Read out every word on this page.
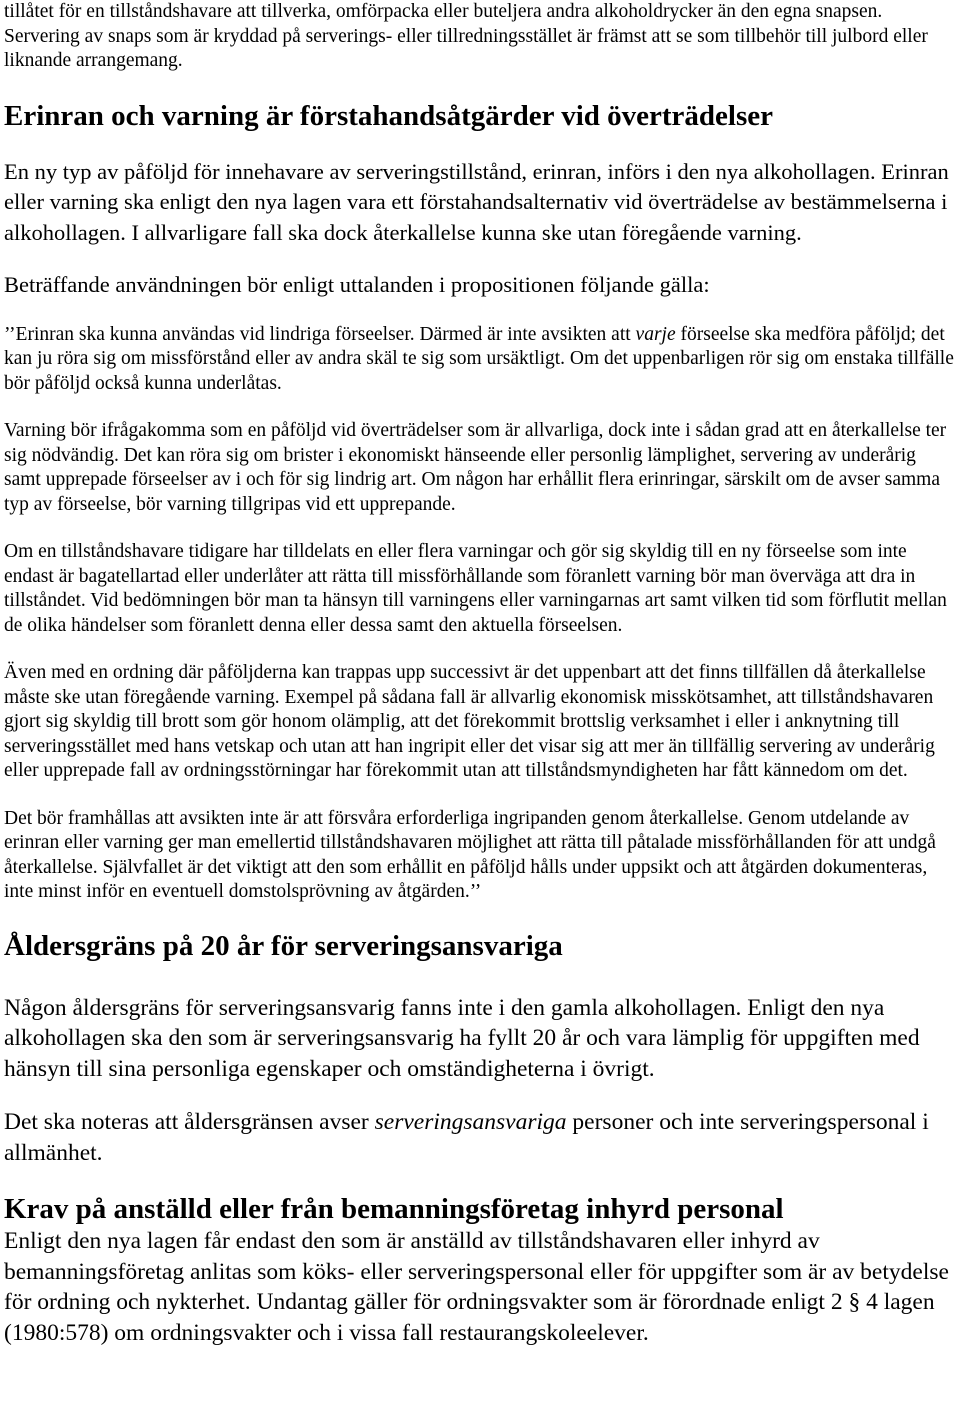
tillåtet för en tillståndshavare att tillverka, omförpacka eller buteljera andra alkoholdrycker än den egna snapsen. Servering av snaps som är kryddad på serverings- eller tillredningsstället är främst att se som tillbehör till julbord eller liknande arrangemang.

Erinran och varning är förstahandsåtgärder vid överträdelser

En ny typ av påföljd för innehavare av serveringstillstånd, erinran, införs i den nya alkohollagen. Erinran eller varning ska enligt den nya lagen vara ett förstahandsalternativ vid överträdelse av bestämmelserna i alkohollagen. I allvarligare fall ska dock återkallelse kunna ske utan föregående varning.

Beträffande användningen bör enligt uttalanden i propositionen följande gälla:

’’Erinran ska kunna användas vid lindriga förseelser. Därmed är inte avsikten att varje förseelse ska medföra påföljd; det kan ju röra sig om missförstånd eller av andra skäl te sig som ursäktligt. Om det uppenbarligen rör sig om enstaka tillfälle bör påföljd också kunna underlåtas.

Varning bör ifrågakomma som en påföljd vid överträdelser som är allvarliga, dock inte i sådan grad att en återkallelse ter sig nödvändig. Det kan röra sig om brister i ekonomiskt hänseende eller personlig lämplighet, servering av underårig samt upprepade förseelser av i och för sig lindrig art. Om någon har erhållit flera erinringar, särskilt om de avser samma typ av förseelse, bör varning tillgripas vid ett upprepande.

Om en tillståndshavare tidigare har tilldelats en eller flera varningar och gör sig skyldig till en ny förseelse som inte endast är bagatellartad eller underlåter att rätta till missförhållande som föranlett varning bör man överväga att dra in tillståndet. Vid bedömningen bör man ta hänsyn till varningens eller varningarnas art samt vilken tid som förflutit mellan de olika händelser som föranlett denna eller dessa samt den aktuella förseelsen.

Även med en ordning där påföljderna kan trappas upp successivt är det uppenbart att det finns tillfällen då återkallelse måste ske utan föregående varning. Exempel på sådana fall är allvarlig ekonomisk misskötsamhet, att tillståndshavaren gjort sig skyldig till brott som gör honom olämplig, att det förekommit brottslig verksamhet i eller i anknytning till serveringsstället med hans vetskap och utan att han ingripit eller det visar sig att mer än tillfällig servering av underårig eller upprepade fall av ordningsstörningar har förekommit utan att tillståndsmyndigheten har fått kännedom om det.

Det bör framhållas att avsikten inte är att försvåra erforderliga ingripanden genom återkallelse. Genom utdelande av erinran eller varning ger man emellertid tillståndshavaren möjlighet att rätta till påtalade missförhållanden för att undgå återkallelse. Självfallet är det viktigt att den som erhållit en påföljd hålls under uppsikt och att åtgärden dokumenteras, inte minst inför en eventuell domstolsprövning av åtgärden.’’

Åldersgräns på 20 år för serveringsansvariga

Någon åldersgräns för serveringsansvarig fanns inte i den gamla alkohollagen. Enligt den nya alkohollagen ska den som är serveringsansvarig ha fyllt 20 år och vara lämplig för uppgiften med hänsyn till sina personliga egenskaper och omständigheterna i övrigt.

Det ska noteras att åldersgränsen avser serveringsansvariga personer och inte serveringspersonal i allmänhet.

Krav på anställd eller från bemanningsföretag inhyrd personal

Enligt den nya lagen får endast den som är anställd av tillståndshavaren eller inhyrd av bemanningsföretag anlitas som köks- eller serveringspersonal eller för uppgifter som är av betydelse för ordning och nykterhet. Undantag gäller för ordningsvakter som är förordnade enligt 2 § 4 lagen (1980:578) om ordningsvakter och i vissa fall restaurangskoleelever.
